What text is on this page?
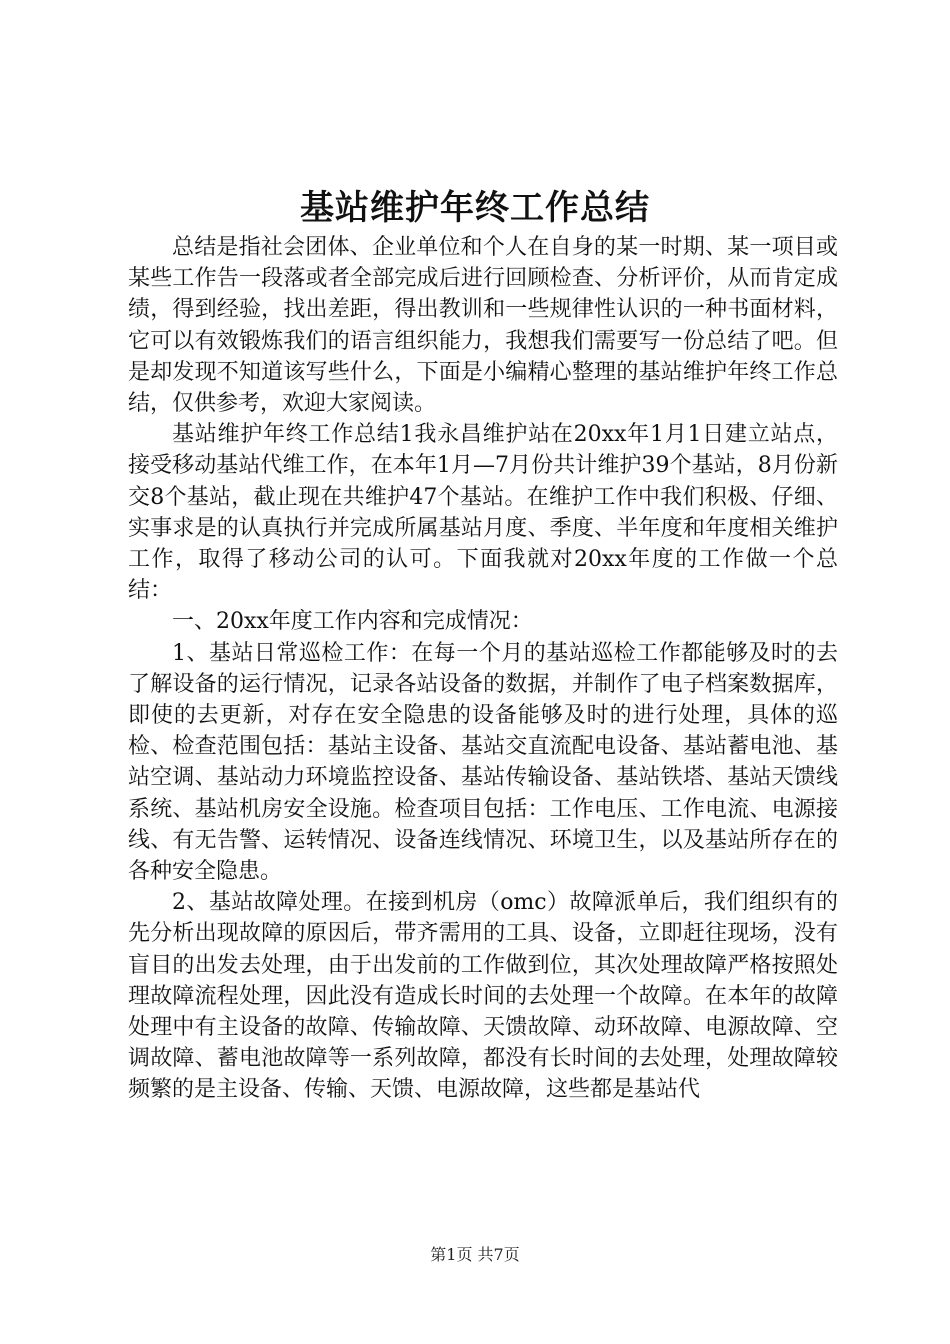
基站维护年终工作总结

总结是指社会团体、企业单位和个人在自身的某一时期、某一项目或某些工作告一段落或者全部完成后进行回顾检查、分析评价，从而肯定成绩，得到经验，找出差距，得出教训和一些规律性认识的一种书面材料，它可以有效锻炼我们的语言组织能力，我想我们需要写一份总结了吧。但是却发现不知道该写些什么，下面是小编精心整理的基站维护年终工作总结，仅供参考，欢迎大家阅读。

基站维护年终工作总结1我永昌维护站在20xx年1月1日建立站点，接受移动基站代维工作，在本年1月—7月份共计维护39个基站，8月份新交8个基站，截止现在共维护47个基站。在维护工作中我们积极、仔细、实事求是的认真执行并完成所属基站月度、季度、半年度和年度相关维护工作，取得了移动公司的认可。下面我就对20xx年度的工作做一个总结：

一、20xx年度工作内容和完成情况：

1、基站日常巡检工作：在每一个月的基站巡检工作都能够及时的去了解设备的运行情况，记录各站设备的数据，并制作了电子档案数据库，即使的去更新，对存在安全隐患的设备能够及时的进行处理，具体的巡检、检查范围包括：基站主设备、基站交直流配电设备、基站蓄电池、基站空调、基站动力环境监控设备、基站传输设备、基站铁塔、基站天馈线系统、基站机房安全设施。检查项目包括：工作电压、工作电流、电源接线、有无告警、运转情况、设备连线情况、环境卫生，以及基站所存在的各种安全隐患。

2、基站故障处理。在接到机房（omc）故障派单后，我们组织有的先分析出现故障的原因后，带齐需用的工具、设备，立即赶往现场，没有盲目的出发去处理，由于出发前的工作做到位，其次处理故障严格按照处理故障流程处理，因此没有造成长时间的去处理一个故障。在本年的故障处理中有主设备的故障、传输故障、天馈故障、动环故障、电源故障、空调故障、蓄电池故障等一系列故障，都没有长时间的去处理，处理故障较频繁的是主设备、传输、天馈、电源故障，这些都是基站代

第1页 共7页
